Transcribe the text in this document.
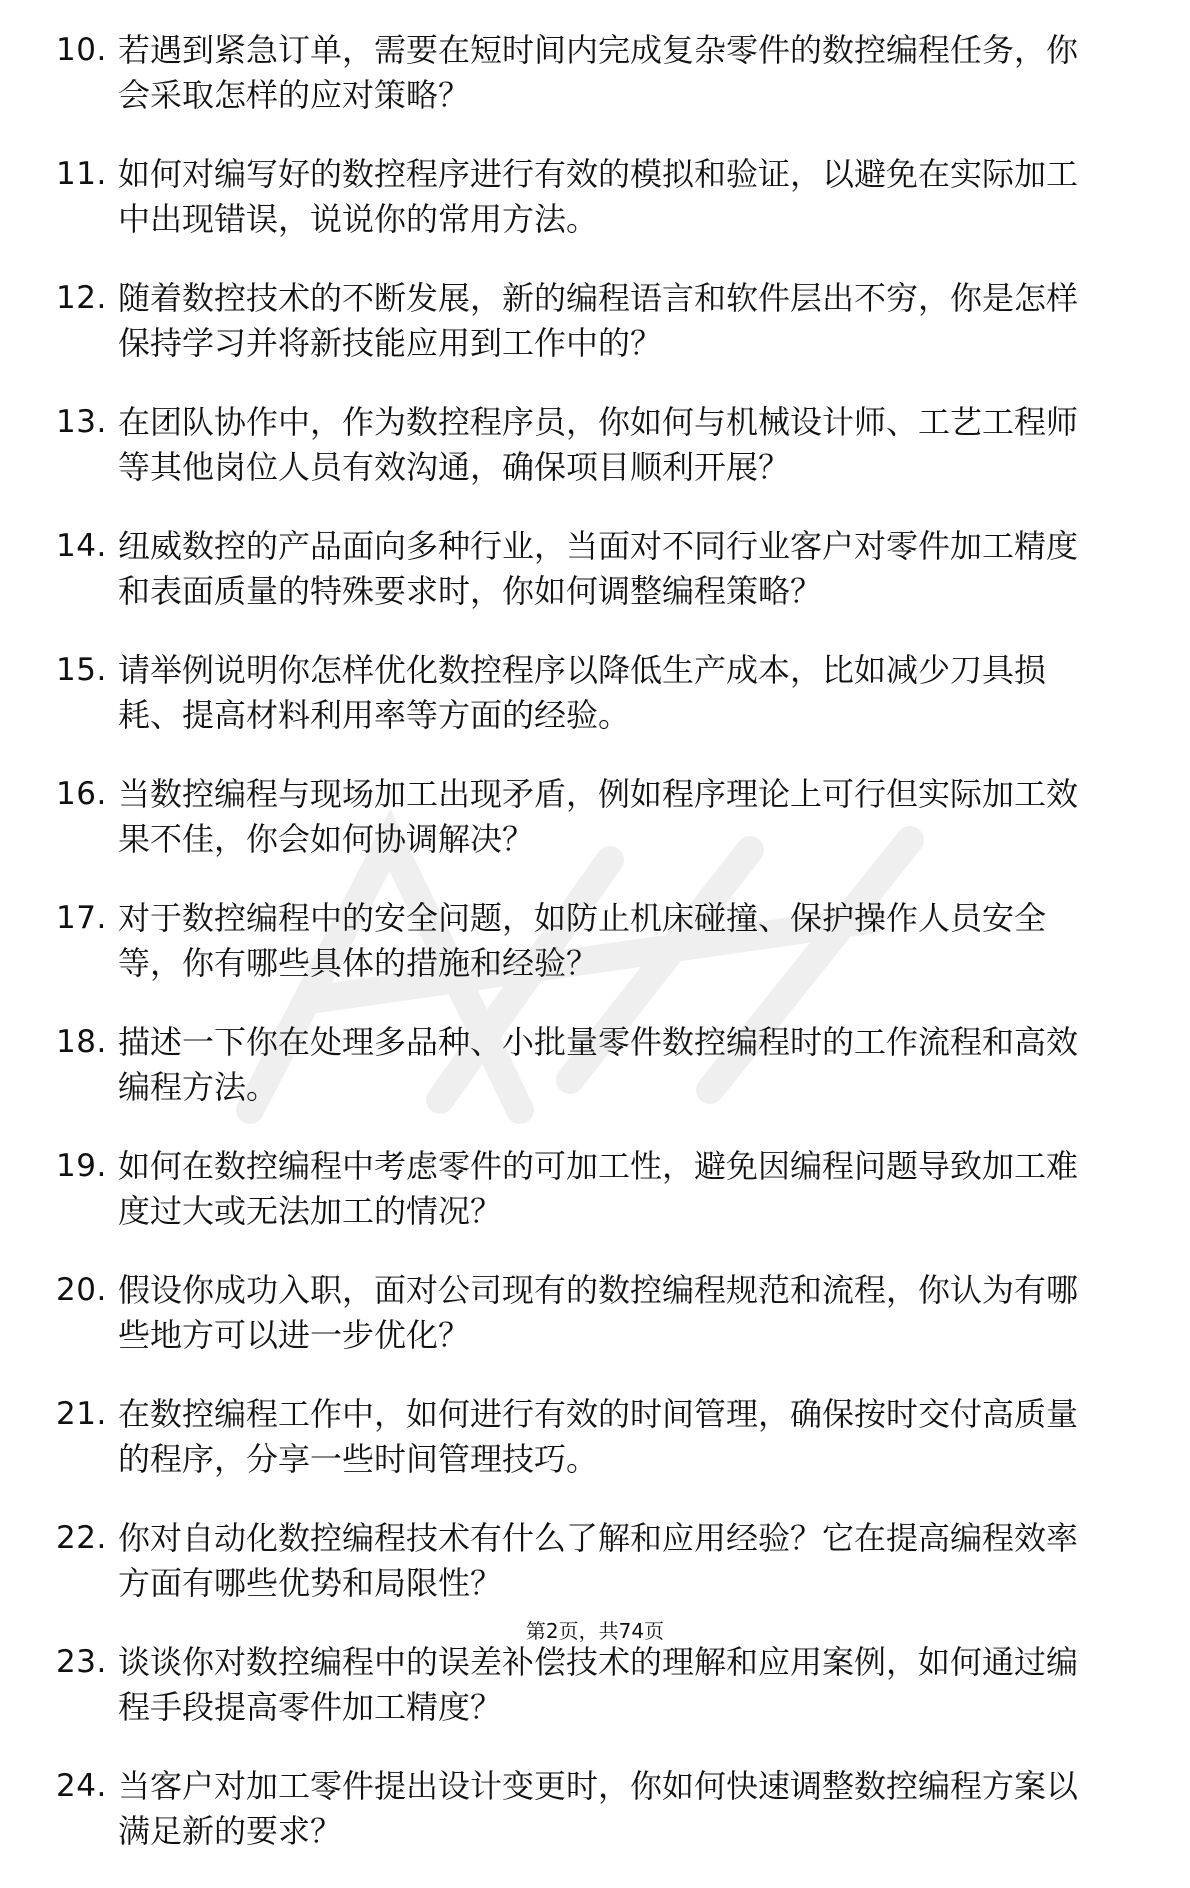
10. 若遇到紧急订单，需要在短时间内完成复杂零件的数控编程任务，你会采取怎样的应对策略？
11. 如何对编写好的数控程序进行有效的模拟和验证，以避免在实际加工中出现错误，说说你的常用方法。
12. 随着数控技术的不断发展，新的编程语言和软件层出不穷，你是怎样保持学习并将新技能应用到工作中的？
13. 在团队协作中，作为数控程序员，你如何与机械设计师、工艺工程师等其他岗位人员有效沟通，确保项目顺利开展？
14. 纽威数控的产品面向多种行业，当面对不同行业客户对零件加工精度和表面质量的特殊要求时，你如何调整编程策略？
15. 请举例说明你怎样优化数控程序以降低生产成本，比如减少刀具损耗、提高材料利用率等方面的经验。
16. 当数控编程与现场加工出现矛盾，例如程序理论上可行但实际加工效果不佳，你会如何协调解决？
17. 对于数控编程中的安全问题，如防止机床碰撞、保护操作人员安全等，你有哪些具体的措施和经验？
18. 描述一下你在处理多品种、小批量零件数控编程时的工作流程和高效编程方法。
19. 如何在数控编程中考虑零件的可加工性，避免因编程问题导致加工难度过大或无法加工的情况？
20. 假设你成功入职，面对公司现有的数控编程规范和流程，你认为有哪些地方可以进一步优化？
21. 在数控编程工作中，如何进行有效的时间管理，确保按时交付高质量的程序，分享一些时间管理技巧。
22. 你对自动化数控编程技术有什么了解和应用经验？它在提高编程效率方面有哪些优势和局限性？
23. 谈谈你对数控编程中的误差补偿技术的理解和应用案例，如何通过编程手段提高零件加工精度？
24. 当客户对加工零件提出设计变更时，你如何快速调整数控编程方案以满足新的要求？
第2页，共74页
